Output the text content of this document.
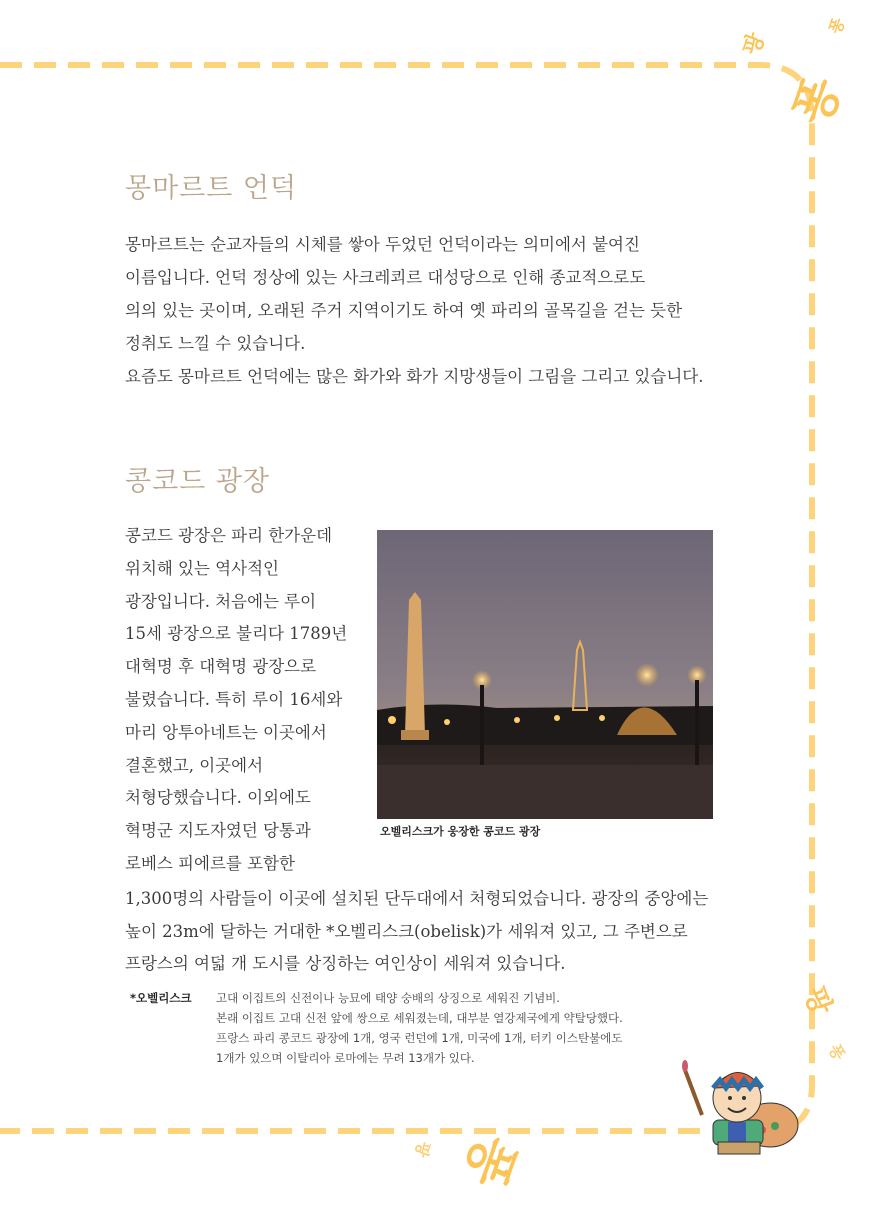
팡
퐁
퐁
팡
퐁
팡 퐁
몽마르트 언덕
몽마르트는 순교자들의 시체를 쌓아 두었던 언덕이라는 의미에서 붙여진
이름입니다. 언덕 정상에 있는 사크레쾨르 대성당으로 인해 종교적으로도
의의 있는 곳이며, 오래된 주거 지역이기도 하여 옛 파리의 골목길을 걷는 듯한
정취도 느낄 수 있습니다.
요즘도 몽마르트 언덕에는 많은 화가와 화가 지망생들이 그림을 그리고 있습니다.
콩코드 광장
콩코드 광장은 파리 한가운데
위치해 있는 역사적인
광장입니다. 처음에는 루이
15세 광장으로 불리다 1789년
대혁명 후 대혁명 광장으로
불렸습니다. 특히 루이 16세와
마리 앙투아네트는 이곳에서
결혼했고, 이곳에서
처형당했습니다. 이외에도
혁명군 지도자였던 당통과
로베스 피에르를 포함한
1,300명의 사람들이 이곳에 설치된 단두대에서 처형되었습니다. 광장의 중앙에는
높이 23m에 달하는 거대한 *오벨리스크(obelisk)가 세워져 있고, 그 주변으로
프랑스의 여덟 개 도시를 상징하는 여인상이 세워져 있습니다.
오벨리스크가 웅장한 콩코드 광장
*오벨리스크 고대 이집트의 신전이나 능묘에 태양 숭배의 상징으로 세워진 기념비.
본래 이집트 고대 신전 앞에 쌍으로 세워졌는데, 대부분 열강제국에게 약탈당했다.
프랑스 파리 콩코드 광장에 1개, 영국 런던에 1개, 미국에 1개, 터키 이스탄불에도
1개가 있으며 이탈리아 로마에는 무려 13개가 있다.
